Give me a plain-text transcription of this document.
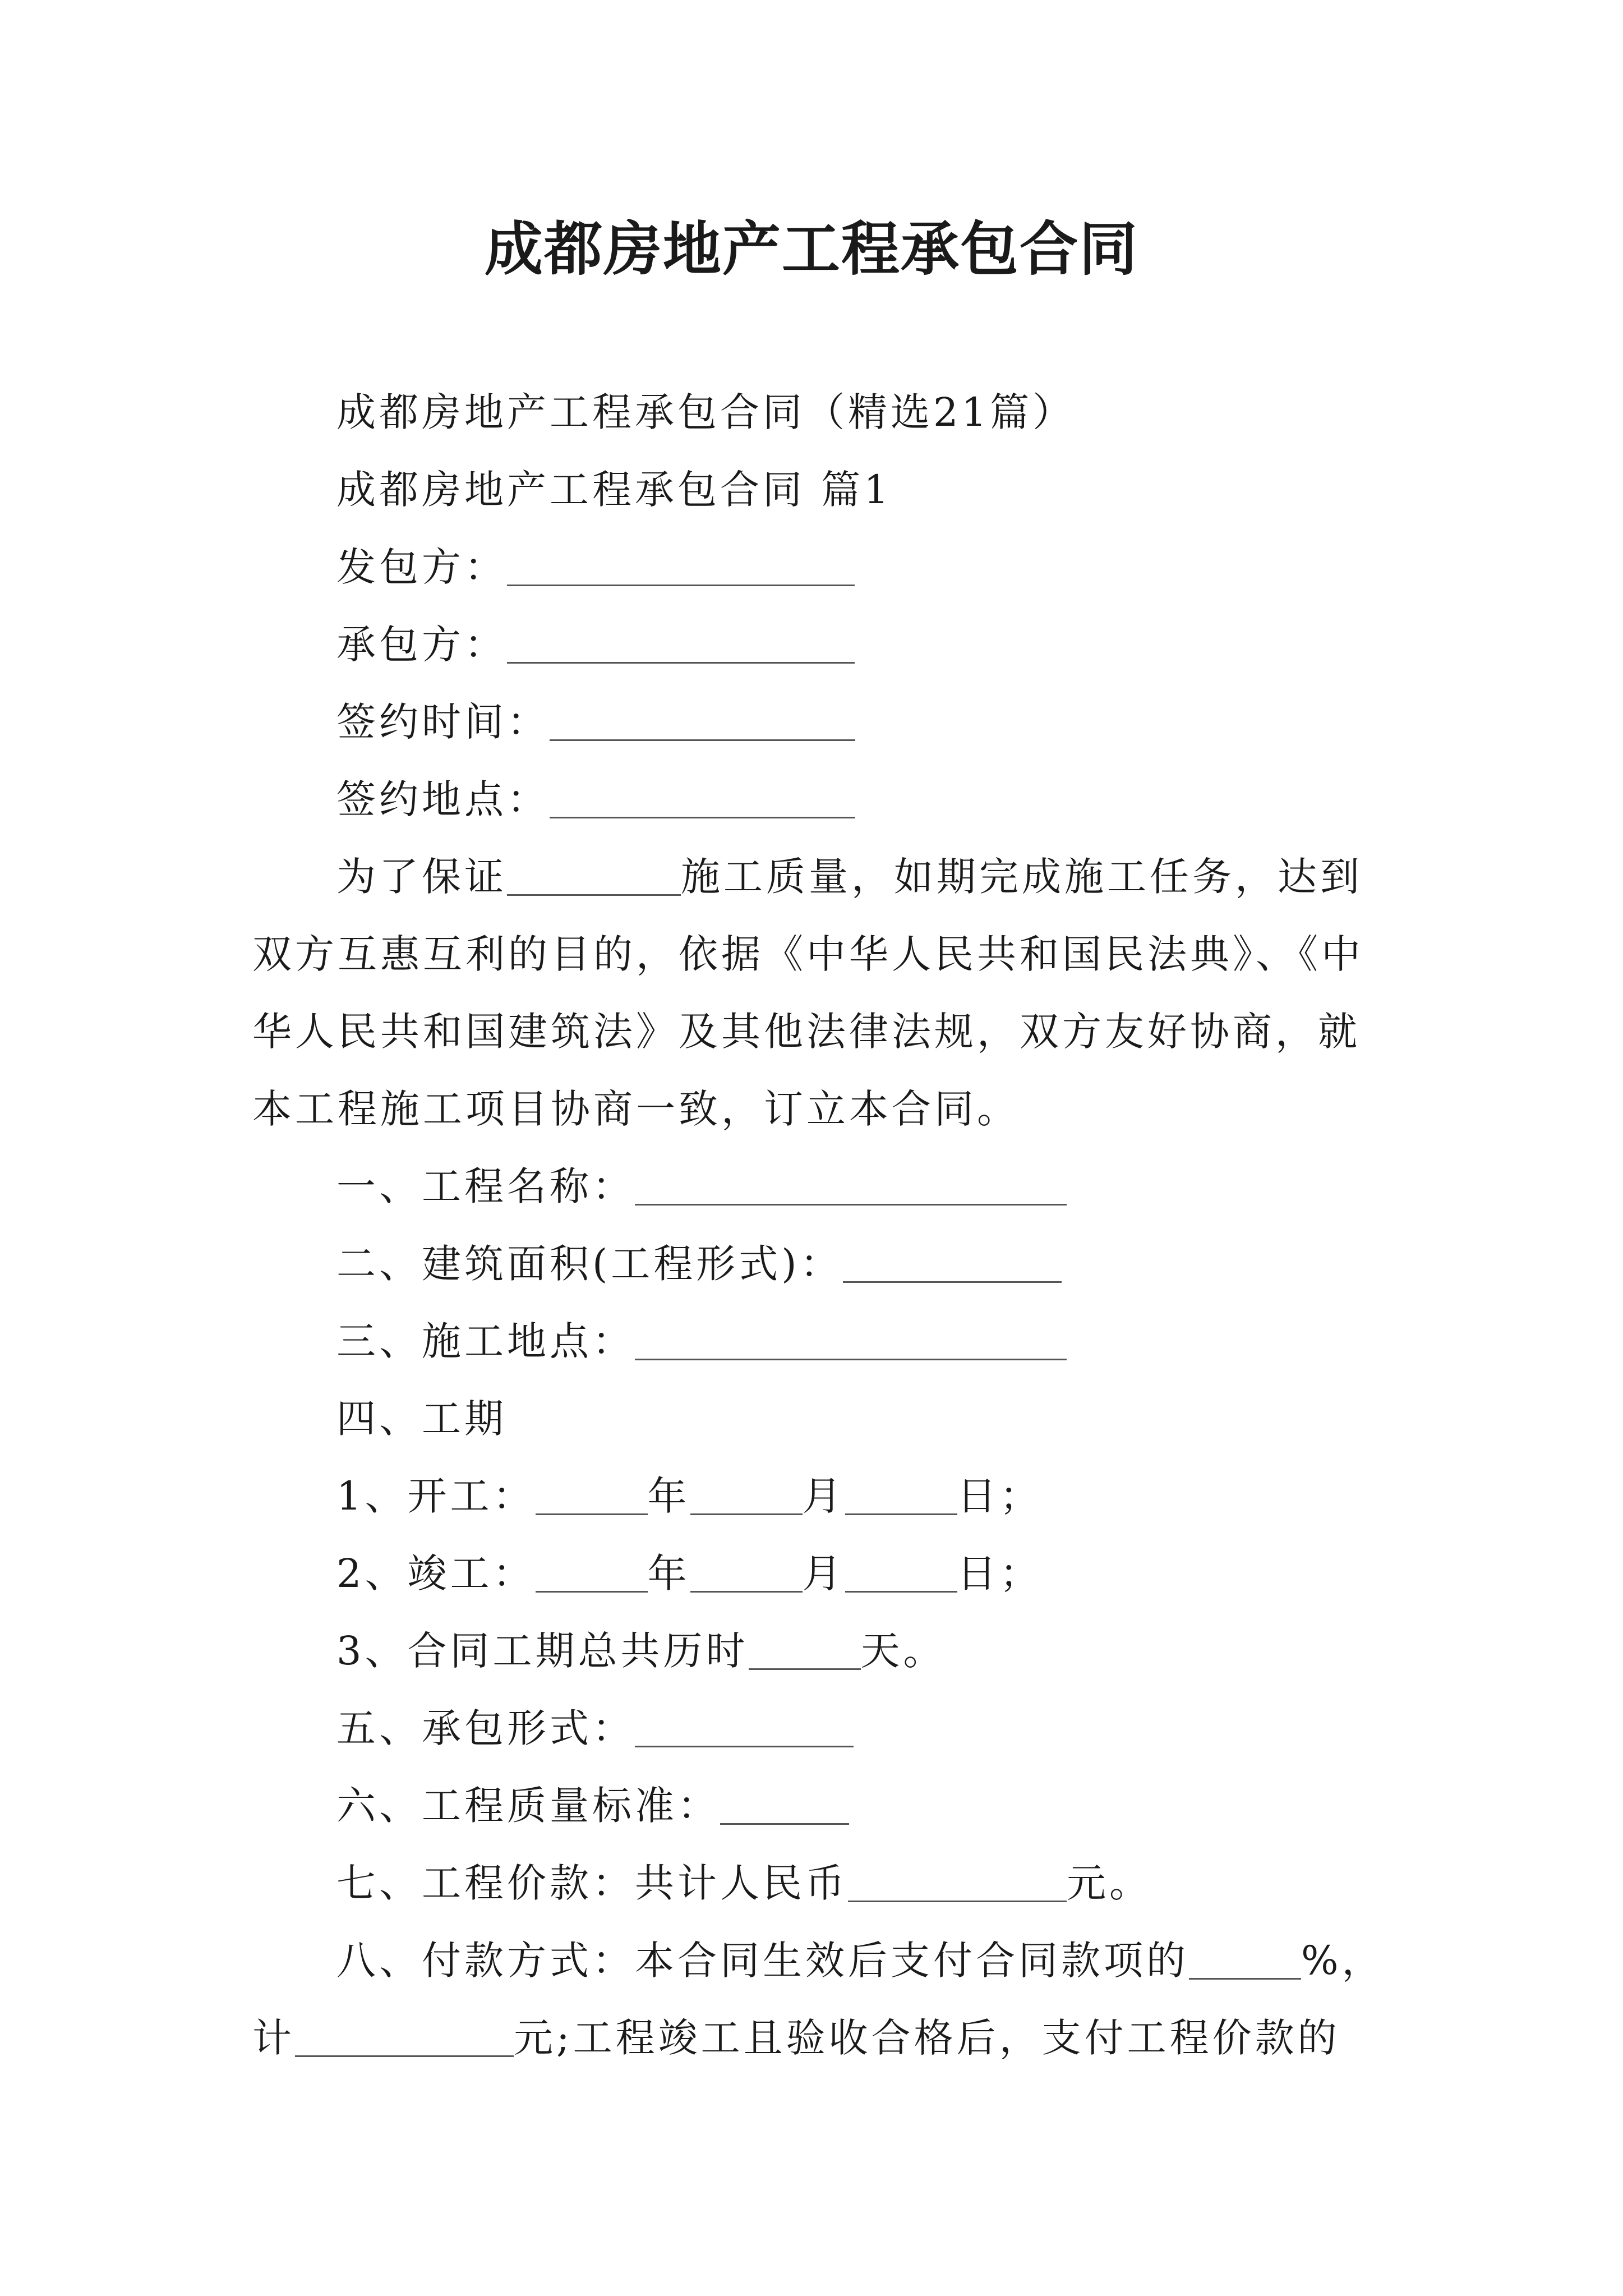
成都房地产工程承包合同
成都房地产工程承包合同（精选21篇）
成都房地产工程承包合同 篇1
发包方：
承包方：
签约时间：
签约地点：
为了保证	施工质量，如期完成施工任务，达到
双方互惠互利的目的，依据《中华人民共和国民法典》、《中
华人民共和国建筑法》及其他法律法规，双方友好协商，就
本工程施工项目协商一致，订立本合同。
一、工程名称：
二、建筑面积(工程形式)：
三、施工地点：
四、工期
1、开工：	年	月	日；
2、竣工：	年	月	日；
3、合同工期总共历时	天。
五、承包形式：
六、工程质量标准：
七、工程价款：共计人民币	元。
八、付款方式：本合同生效后支付合同款项的	%，
计	元;工程竣工且验收合格后，支付工程价款的
